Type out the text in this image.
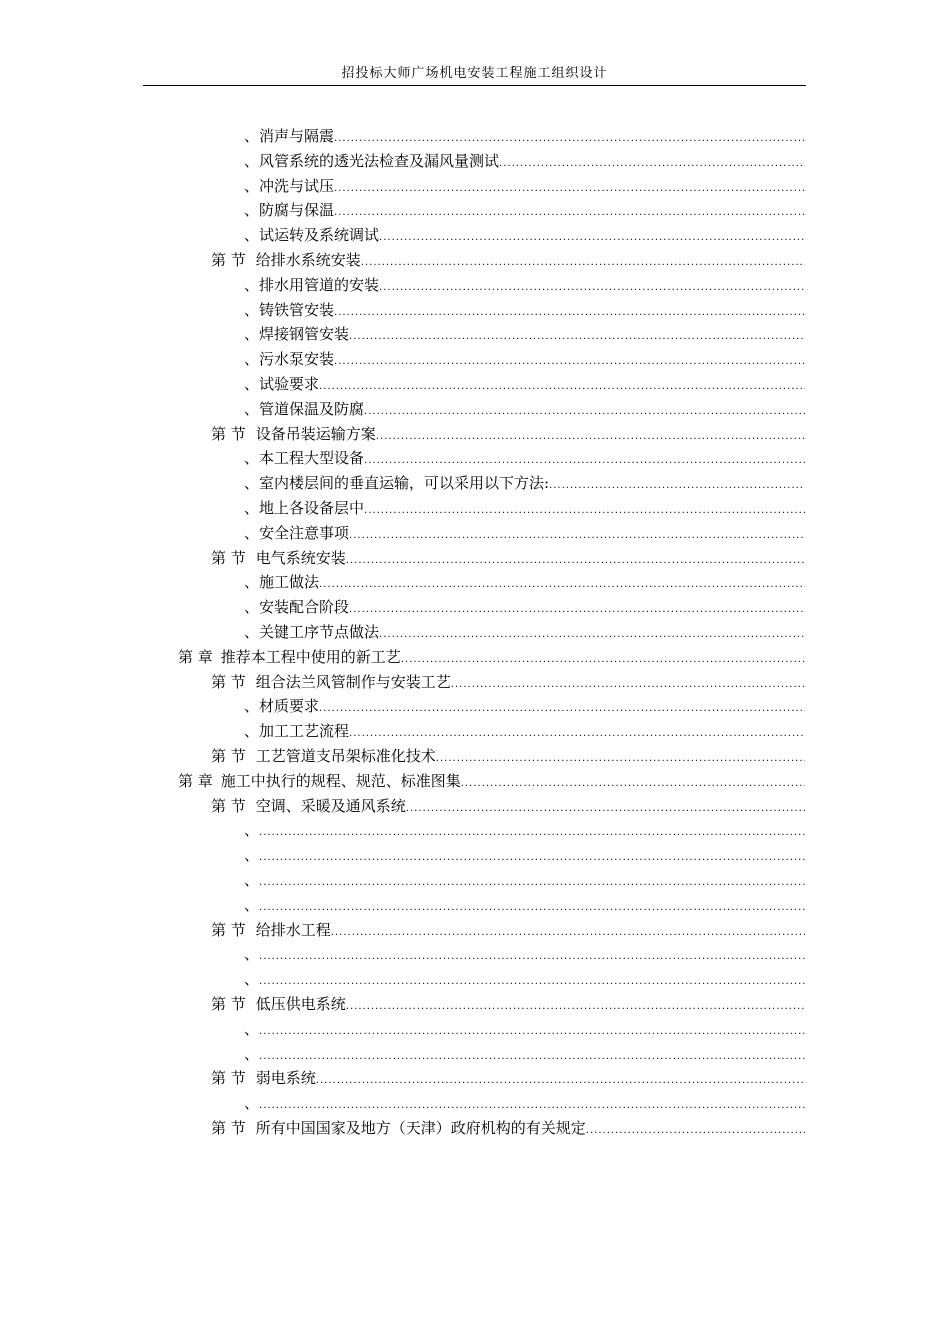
招投标大师广场机电安装工程施工组织设计
、 消声与隔震
.....
、 风管系统的透光法检查及漏风量测试
.....
、 冲洗与试压
.....
、 防腐与保温
.....
、 试运转及系统调试
.....
第 节 给排水系统安装
.....
、 排水用管道的安装
.....
、 铸铁管安装
.....
、 焊接钢管安装
.....
、 污水泵安装
.....
、 试验要求
.....
、 管道保温及防腐
.....
第 节 设备吊装运输方案
.....
、 本工程大型设备
.....
、 室内楼层间的垂直运输，可以采用以下方法:
.....
、 地上各设备层中
.....
、 安全注意事项
.....
第 节 电气系统安装
.....
、 施工做法
.....
、 安装配合阶段
.....
、 关键工序节点做法
.....
第 章 推荐本工程中使用的新工艺
.....
第 节 组合法兰风管制作与安装工艺
.....
、 材质要求
.....
、 加工工艺流程
.....
第 节 工艺管道支吊架标准化技术
.....
第 章 施工中执行的规程、规范、标准图集
.....
第 节 空调、采暖及通风系统
.....
、
.....
、
.....
、
.....
、
.....
第 节 给排水工程
.....
、
.....
、
.....
第 节 低压供电系统
.....
、
.....
、
.....
第 节 弱电系统
.....
、
.....
第 节 所有中国国家及地方（天津）政府机构的有关规定
.....
